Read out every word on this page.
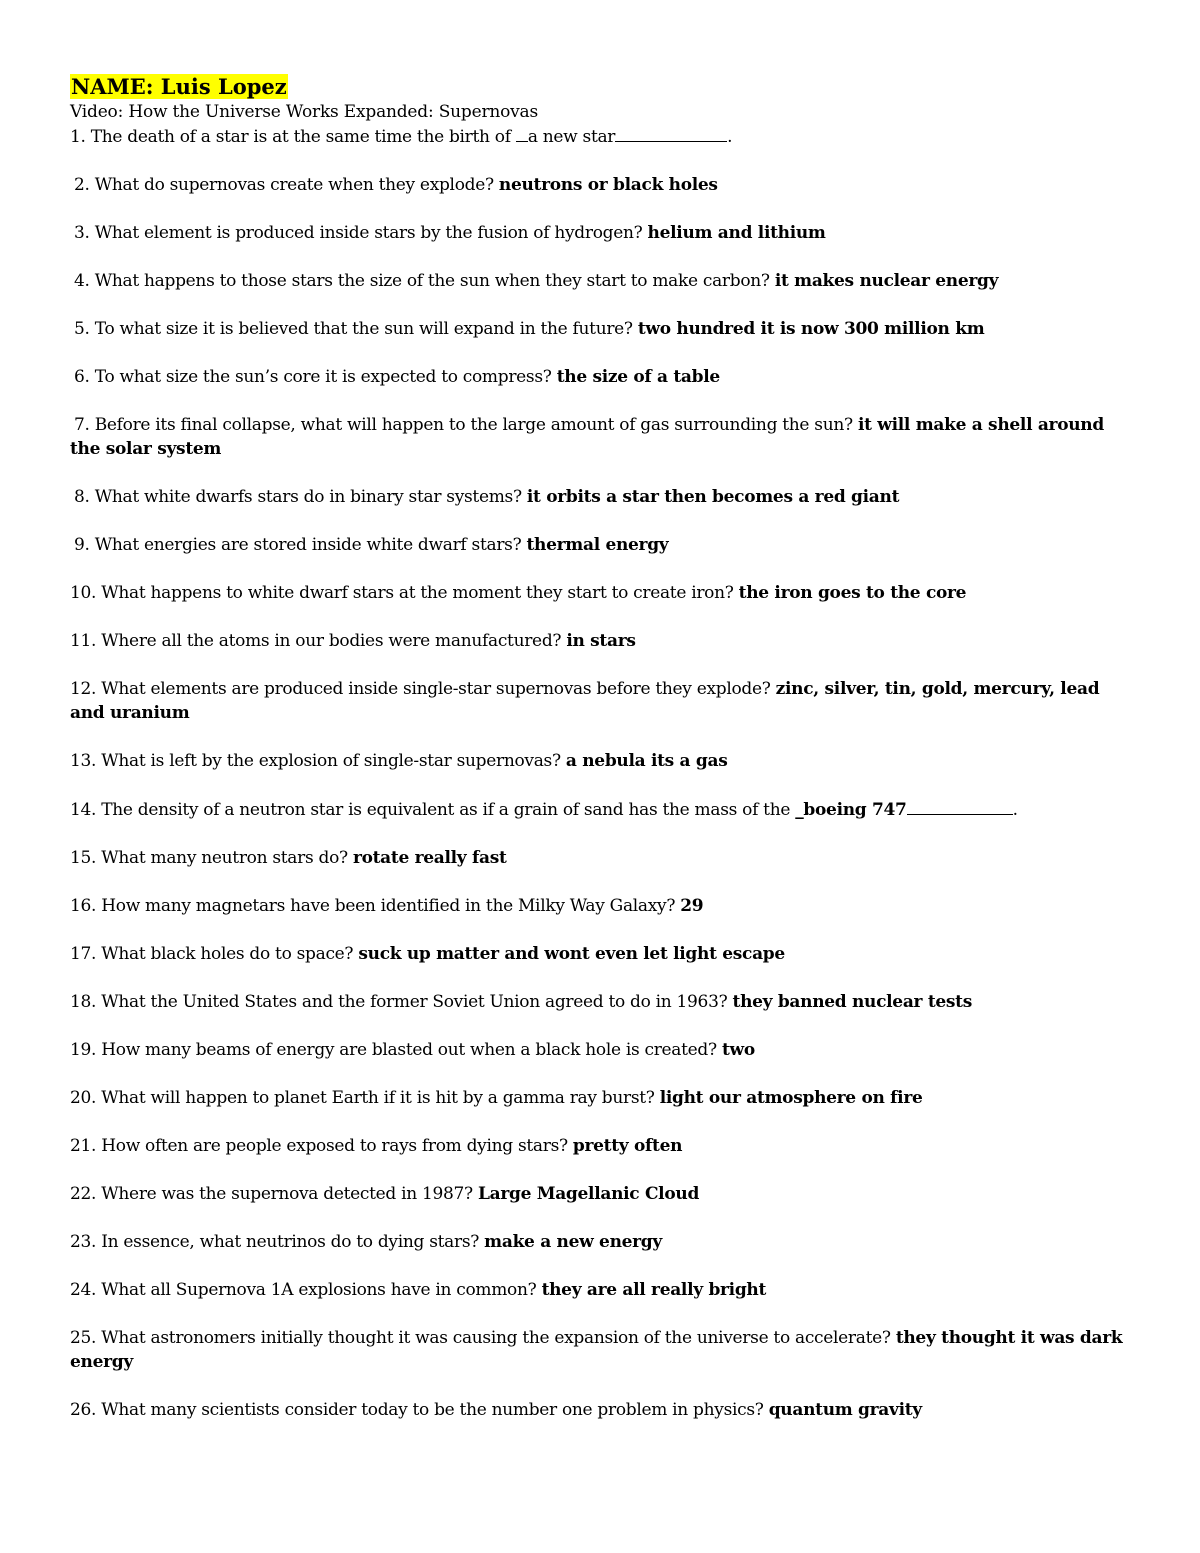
NAME: Luis Lopez

Video: How the Universe Works Expanded: Supernovas

1. The death of a star is at the same time the birth of a new star	.

2. What do supernovas create when they explode? neutrons or black holes

3. What element is produced inside stars by the fusion of hydrogen? helium and lithium

4. What happens to those stars the size of the sun when they start to make carbon? it makes nuclear energy

5. To what size it is believed that the sun will expand in the future? two hundred it is now 300 million km

6. To what size the sun’s core it is expected to compress? the size of a table

7. Before its final collapse, what will happen to the large amount of gas surrounding the sun? it will make a shell around the solar system

8. What white dwarfs stars do in binary star systems? it orbits a star then becomes a red giant

9. What energies are stored inside white dwarf stars? thermal energy

10. What happens to white dwarf stars at the moment they start to create iron? the iron goes to the core

11. Where all the atoms in our bodies were manufactured? in stars

12. What elements are produced inside single-star supernovas before they explode? zinc, silver, tin, gold, mercury, lead and uranium

13. What is left by the explosion of single-star supernovas? a nebula its a gas

14. The density of a neutron star is equivalent as if a grain of sand has the mass of the _boeing 747	.

15. What many neutron stars do? rotate really fast

16. How many magnetars have been identified in the Milky Way Galaxy? 29

17. What black holes do to space? suck up matter and wont even let light escape

18. What the United States and the former Soviet Union agreed to do in 1963? they banned nuclear tests

19. How many beams of energy are blasted out when a black hole is created? two

20. What will happen to planet Earth if it is hit by a gamma ray burst? light our atmosphere on fire

21. How often are people exposed to rays from dying stars? pretty often

22. Where was the supernova detected in 1987? Large Magellanic Cloud

23. In essence, what neutrinos do to dying stars? make a new energy

24. What all Supernova 1A explosions have in common? they are all really bright

25. What astronomers initially thought it was causing the expansion of the universe to accelerate? they thought it was dark energy

26. What many scientists consider today to be the number one problem in physics? quantum gravity
